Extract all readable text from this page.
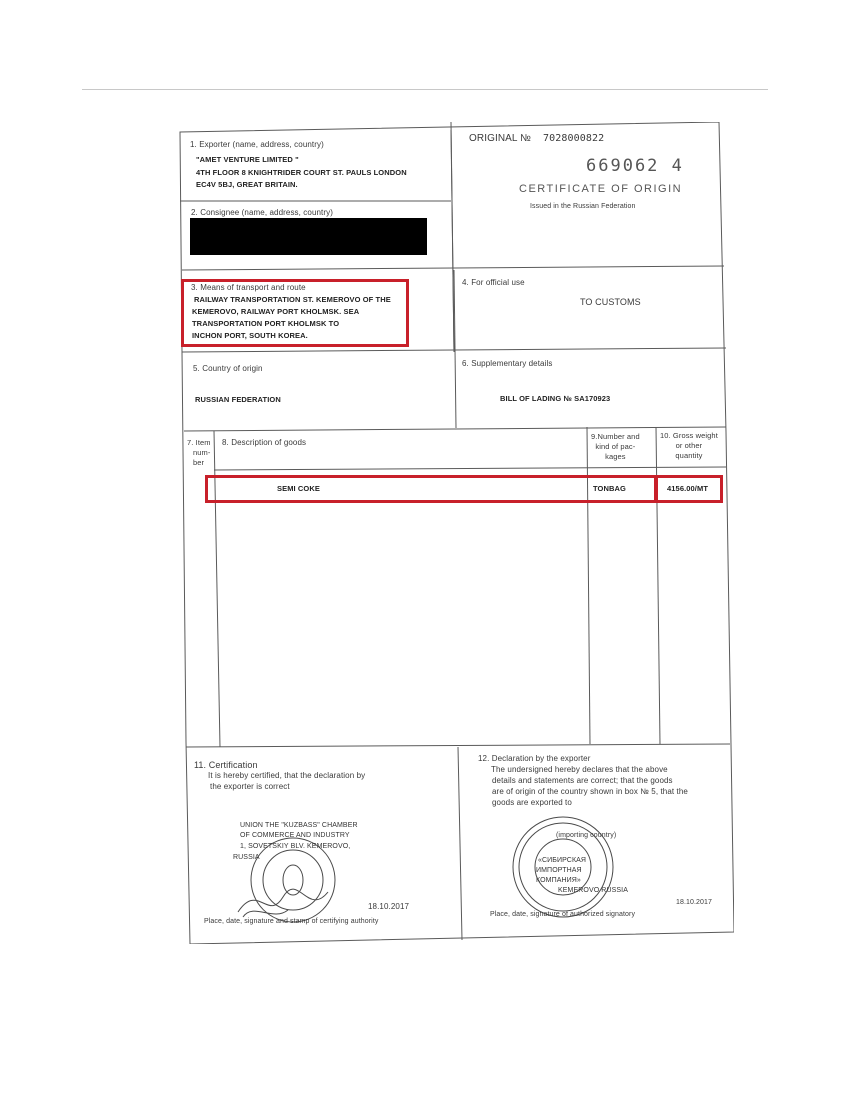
1. Exporter (name, address, country)
"AMET VENTURE LIMITED "
4TH FLOOR 8 KNIGHTRIDER COURT ST. PAULS LONDON
EC4V 5BJ, GREAT BRITAIN.
ORIGINAL № 7028000822
669062 4
CERTIFICATE OF ORIGIN
Issued in the Russian Federation
2. Consignee (name, address, country)
3. Means of transport and route
RAILWAY TRANSPORTATION ST. KEMEROVO OF THE
KEMEROVO, RAILWAY PORT KHOLMSK. SEA
TRANSPORTATION PORT KHOLMSK TO
INCHON PORT, SOUTH KOREA.
4. For official use
TO CUSTOMS
5. Country of origin
RUSSIAN FEDERATION
6. Supplementary details
BILL OF LADING № SA170923
7. Item
num-
ber
8. Description of goods
9.Number and
kind of pac-
kages
10. Gross weight
or other
quantity
SEMI COKE	TONBAG	4156.00/MT
11. Certification
It is hereby certified, that the declaration by
the exporter is correct
UNION THE "KUZBASS" CHAMBER
OF COMMERCE AND INDUSTRY
1, SOVETSKIY BLV. KEMEROVO,
RUSSIA
18.10.2017
Place, date, signature and stamp of certifying authority
12. Declaration by the exporter
The undersigned hereby declares that the above
details and statements are correct; that the goods
are of origin of the country shown in box № 5, that the
goods are exported to
(importing country)
«СИБИРСКАЯ
ИМПОРТНАЯ
КОМПАНИЯ»
KEMEROVO RUSSIA
18.10.2017
Place, date, signature of authorized signatory
